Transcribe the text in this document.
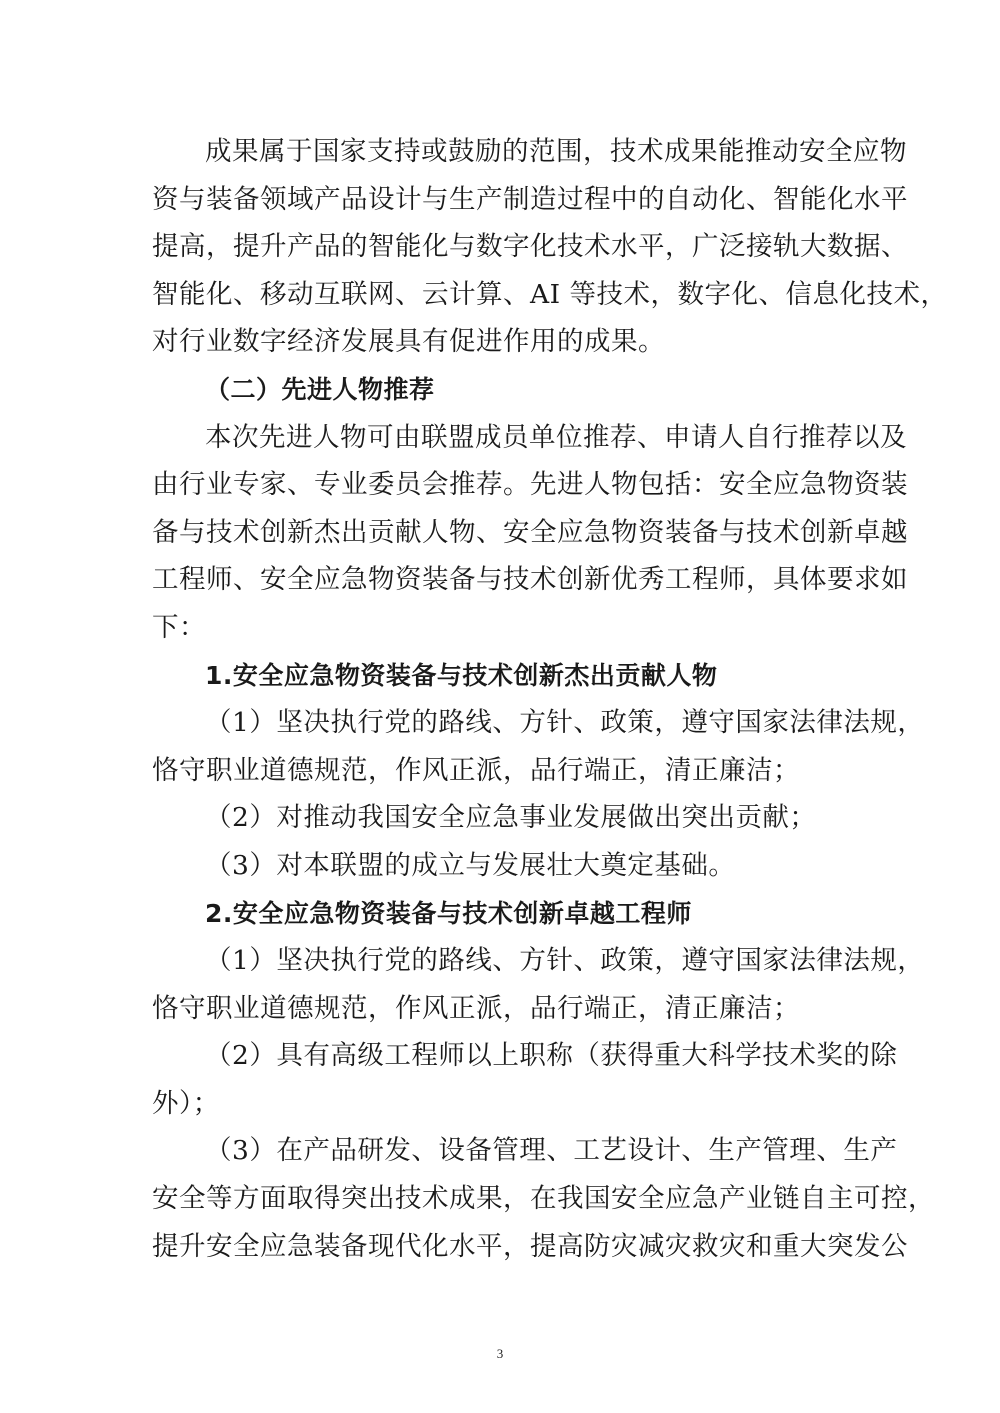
成果属于国家支持或鼓励的范围，技术成果能推动安全应物
资与装备领域产品设计与生产制造过程中的自动化、智能化水平
提高，提升产品的智能化与数字化技术水平，广泛接轨大数据、
智能化、移动互联网、云计算、AI 等技术，数字化、信息化技术，
对行业数字经济发展具有促进作用的成果。
（二）先进人物推荐
本次先进人物可由联盟成员单位推荐、申请人自行推荐以及
由行业专家、专业委员会推荐。先进人物包括：安全应急物资装
备与技术创新杰出贡献人物、安全应急物资装备与技术创新卓越
工程师、安全应急物资装备与技术创新优秀工程师，具体要求如
下：
1.安全应急物资装备与技术创新杰出贡献人物
（1）坚决执行党的路线、方针、政策，遵守国家法律法规，
恪守职业道德规范，作风正派，品行端正，清正廉洁；
（2）对推动我国安全应急事业发展做出突出贡献；
（3）对本联盟的成立与发展壮大奠定基础。
2.安全应急物资装备与技术创新卓越工程师
（1）坚决执行党的路线、方针、政策，遵守国家法律法规，
恪守职业道德规范，作风正派，品行端正，清正廉洁；
（2）具有高级工程师以上职称（获得重大科学技术奖的除
外）；
（3）在产品研发、设备管理、工艺设计、生产管理、生产
安全等方面取得突出技术成果，在我国安全应急产业链自主可控，
提升安全应急装备现代化水平，提高防灾减灾救灾和重大突发公
3
